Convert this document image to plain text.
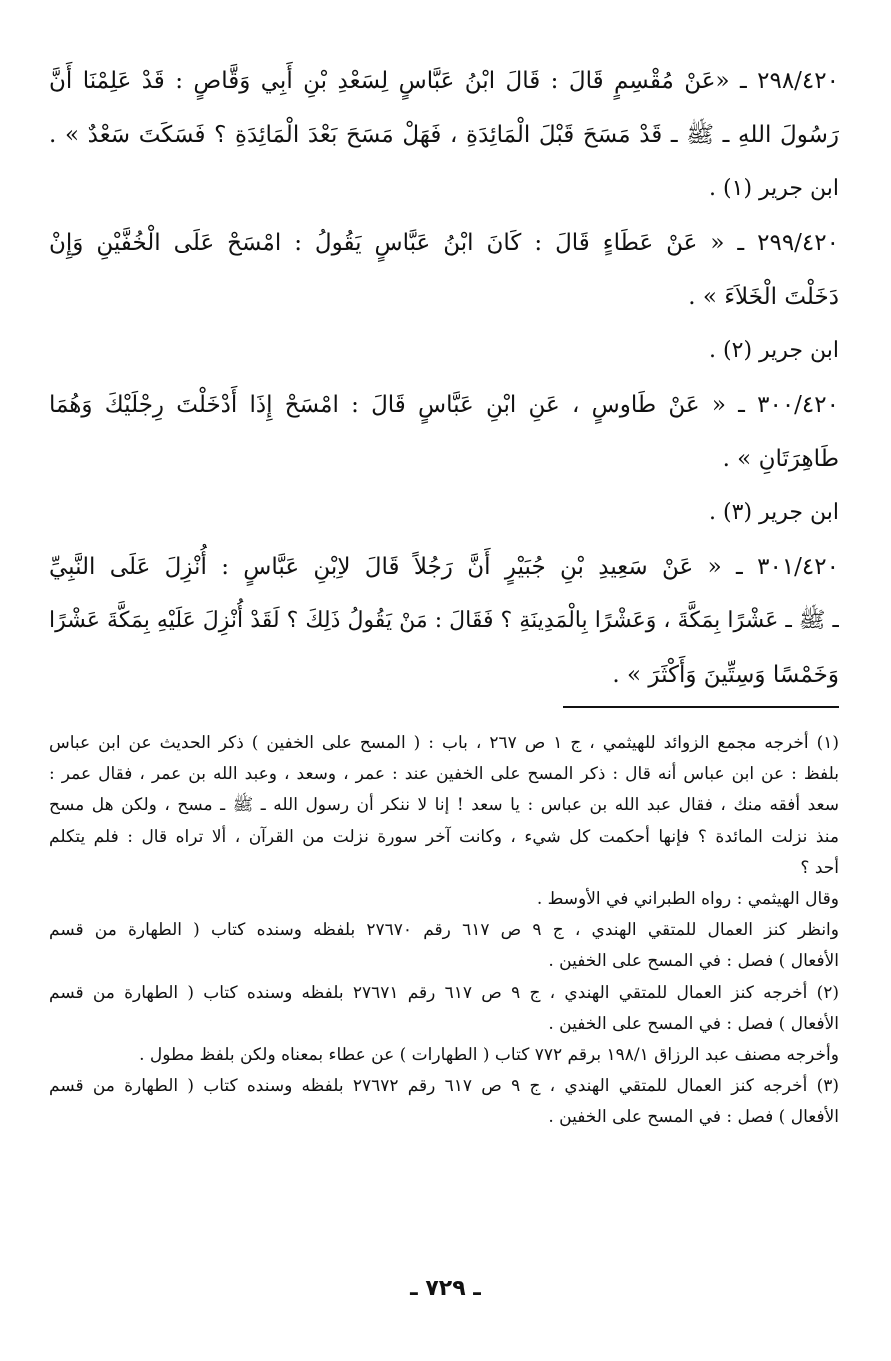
٢٩٨/٤٢٠ ـ «عَنْ مُقْسِمٍ قَالَ : قَالَ ابْنُ عَبَّاسٍ لِسَعْدِ بْنِ أَبِي وَقَّاصٍ : قَدْ عَلِمْنَا أَنَّ
رَسُولَ اللهِ ـ ﷺ ـ قَدْ مَسَحَ قَبْلَ الْمَائِدَةِ ، فَهَلْ مَسَحَ بَعْدَ الْمَائِدَةِ ؟ فَسَكَتَ سَعْدٌ » .
ابن جرير (١) .
٢٩٩/٤٢٠ ـ « عَنْ عَطَاءٍ قَالَ : كَانَ ابْنُ عَبَّاسٍ يَقُولُ : امْسَحْ عَلَى الْخُفَّيْنِ وَإِنْ
دَخَلْتَ الْخَلاَءَ » .
ابن جرير (٢) .
٣٠٠/٤٢٠ ـ « عَنْ طَاوسٍ ، عَنِ ابْنِ عَبَّاسٍ قَالَ : امْسَحْ إِذَا أَدْخَلْتَ رِجْلَيْكَ وَهُمَا
طَاهِرَتَانِ » .
ابن جرير (٣) .
٣٠١/٤٢٠ ـ « عَنْ سَعِيدِ بْنِ جُبَيْرٍ أَنَّ رَجُلاً قَالَ لاِبْنِ عَبَّاسٍ : أُنْزِلَ عَلَى النَّبِيِّ
ـ ﷺ ـ عَشْرًا بِمَكَّةَ ، وَعَشْرًا بِالْمَدِينَةِ ؟ فَقَالَ : مَنْ يَقُولُ ذَلِكَ ؟ لَقَدْ أُنْزِلَ عَلَيْهِ بِمَكَّةَ عَشْرًا
وَخَمْسًا وَسِتِّينَ وَأَكْثَرَ » .
(١) أخرجه مجمع الزوائد للهيثمي ، ج ١ ص ٢٦٧ ، باب : ( المسح على الخفين ) ذكر الحديث عن ابن عباس
بلفظ : عن ابن عباس أنه قال : ذكر المسح على الخفين عند : عمر ، وسعد ، وعبد الله بن عمر ، فقال عمر :
سعد أفقه منك ، فقال عبد الله بن عباس : يا سعد ! إنا لا ننكر أن رسول الله ـ ﷺ ـ مسح ، ولكن هل مسح
منذ نزلت المائدة ؟ فإنها أحكمت كل شيء ، وكانت آخر سورة نزلت من القرآن ، ألا تراه قال : فلم يتكلم
أحد ؟
وقال الهيثمي : رواه الطبراني في الأوسط .
وانظر كنز العمال للمتقي الهندي ، ج ٩ ص ٦١٧ رقم ٢٧٦٧٠ بلفظه وسنده كتاب ( الطهارة من قسم
الأفعال ) فصل : في المسح على الخفين .
(٢) أخرجه كنز العمال للمتقي الهندي ، ج ٩ ص ٦١٧ رقم ٢٧٦٧١ بلفظه وسنده كتاب ( الطهارة من قسم
الأفعال ) فصل : في المسح على الخفين .
وأخرجه مصنف عبد الرزاق ١٩٨/١ برقم ٧٧٢ كتاب ( الطهارات ) عن عطاء بمعناه ولكن بلفظ مطول .
(٣) أخرجه كنز العمال للمتقي الهندي ، ج ٩ ص ٦١٧ رقم ٢٧٦٧٢ بلفظه وسنده كتاب ( الطهارة من قسم
الأفعال ) فصل : في المسح على الخفين .
ـ ٧٢٩ ـ
